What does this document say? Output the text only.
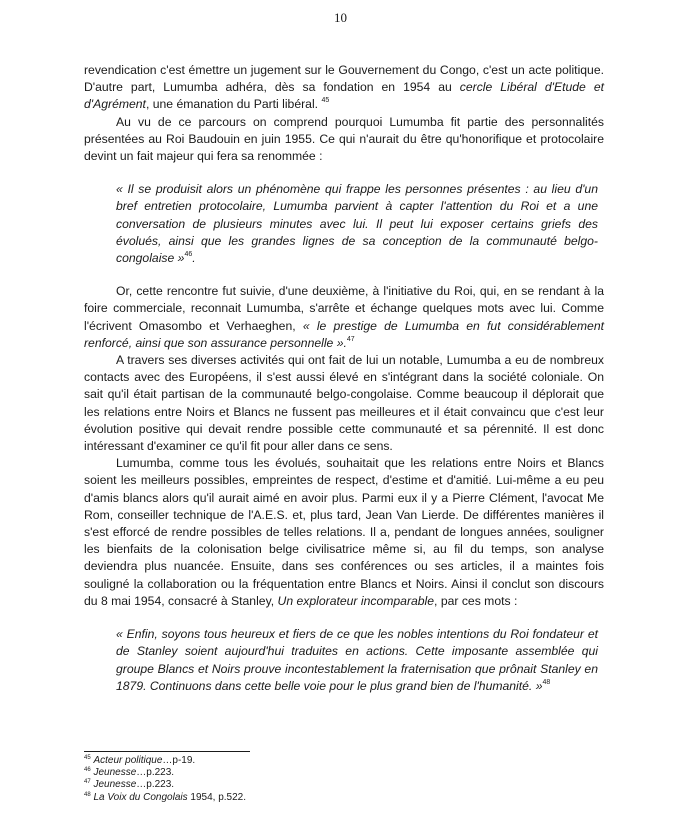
10

revendication c'est émettre un jugement sur le Gouvernement du Congo, c'est un acte politique. D'autre part, Lumumba adhéra, dès sa fondation en 1954 au cercle Libéral d'Etude et d'Agrément, une émanation du Parti libéral. $^{45}$

Au vu de ce parcours on comprend pourquoi Lumumba fit partie des personnalités présentées au Roi Baudouin en juin 1955. Ce qui n'aurait du être qu'honorifique et protocolaire devint un fait majeur qui fera sa renommée :

« Il se produisit alors un phénomène qui frappe les personnes présentes : au lieu d'un bref entretien protocolaire, Lumumba parvient à capter l'attention du Roi et a une conversation de plusieurs minutes avec lui. Il peut lui exposer certains griefs des évolués, ainsi que les grandes lignes de sa conception de la communauté belgo-congolaise »$^{46}$.

Or, cette rencontre fut suivie, d'une deuxième, à l'initiative du Roi, qui, en se rendant à la foire commerciale, reconnait Lumumba, s'arrête et échange quelques mots avec lui. Comme l'écrivent Omasombo et Verhaeghen, « le prestige de Lumumba en fut considérablement renforcé, ainsi que son assurance personnelle ».$^{47}$

A travers ses diverses activités qui ont fait de lui un notable, Lumumba a eu de nombreux contacts avec des Européens, il s'est aussi élevé en s'intégrant dans la société coloniale. On sait qu'il était partisan de la communauté belgo-congolaise. Comme beaucoup il déplorait que les relations entre Noirs et Blancs ne fussent pas meilleures et il était convaincu que c'est leur évolution positive qui devait rendre possible cette communauté et sa pérennité. Il est donc intéressant d'examiner ce qu'il fit pour aller dans ce sens.

Lumumba, comme tous les évolués, souhaitait que les relations entre Noirs et Blancs soient les meilleurs possibles, empreintes de respect, d'estime et d'amitié. Lui-même a eu peu d'amis blancs alors qu'il aurait aimé en avoir plus. Parmi eux il y a Pierre Clément, l'avocat Me Rom, conseiller technique de l'A.E.S. et, plus tard, Jean Van Lierde. De différentes manières il s'est efforcé de rendre possibles de telles relations. Il a, pendant de longues années, souligner les bienfaits de la colonisation belge civilisatrice même si, au fil du temps, son analyse deviendra plus nuancée. Ensuite, dans ses conférences ou ses articles, il a maintes fois souligné la collaboration ou la fréquentation entre Blancs et Noirs. Ainsi il conclut son discours du 8 mai 1954, consacré à Stanley, Un explorateur incomparable, par ces mots :

« Enfin, soyons tous heureux et fiers de ce que les nobles intentions du Roi fondateur et de Stanley soient aujourd'hui traduites en actions. Cette imposante assemblée qui groupe Blancs et Noirs prouve incontestablement la fraternisation que prônait Stanley en 1879. Continuons dans cette belle voie pour le plus grand bien de l'humanité. »$^{48}$

$^{45}$ Acteur politique…p-19.
$^{46}$ Jeunesse…p.223.
$^{47}$ Jeunesse…p.223.
$^{48}$ La Voix du Congolais 1954, p.522.
